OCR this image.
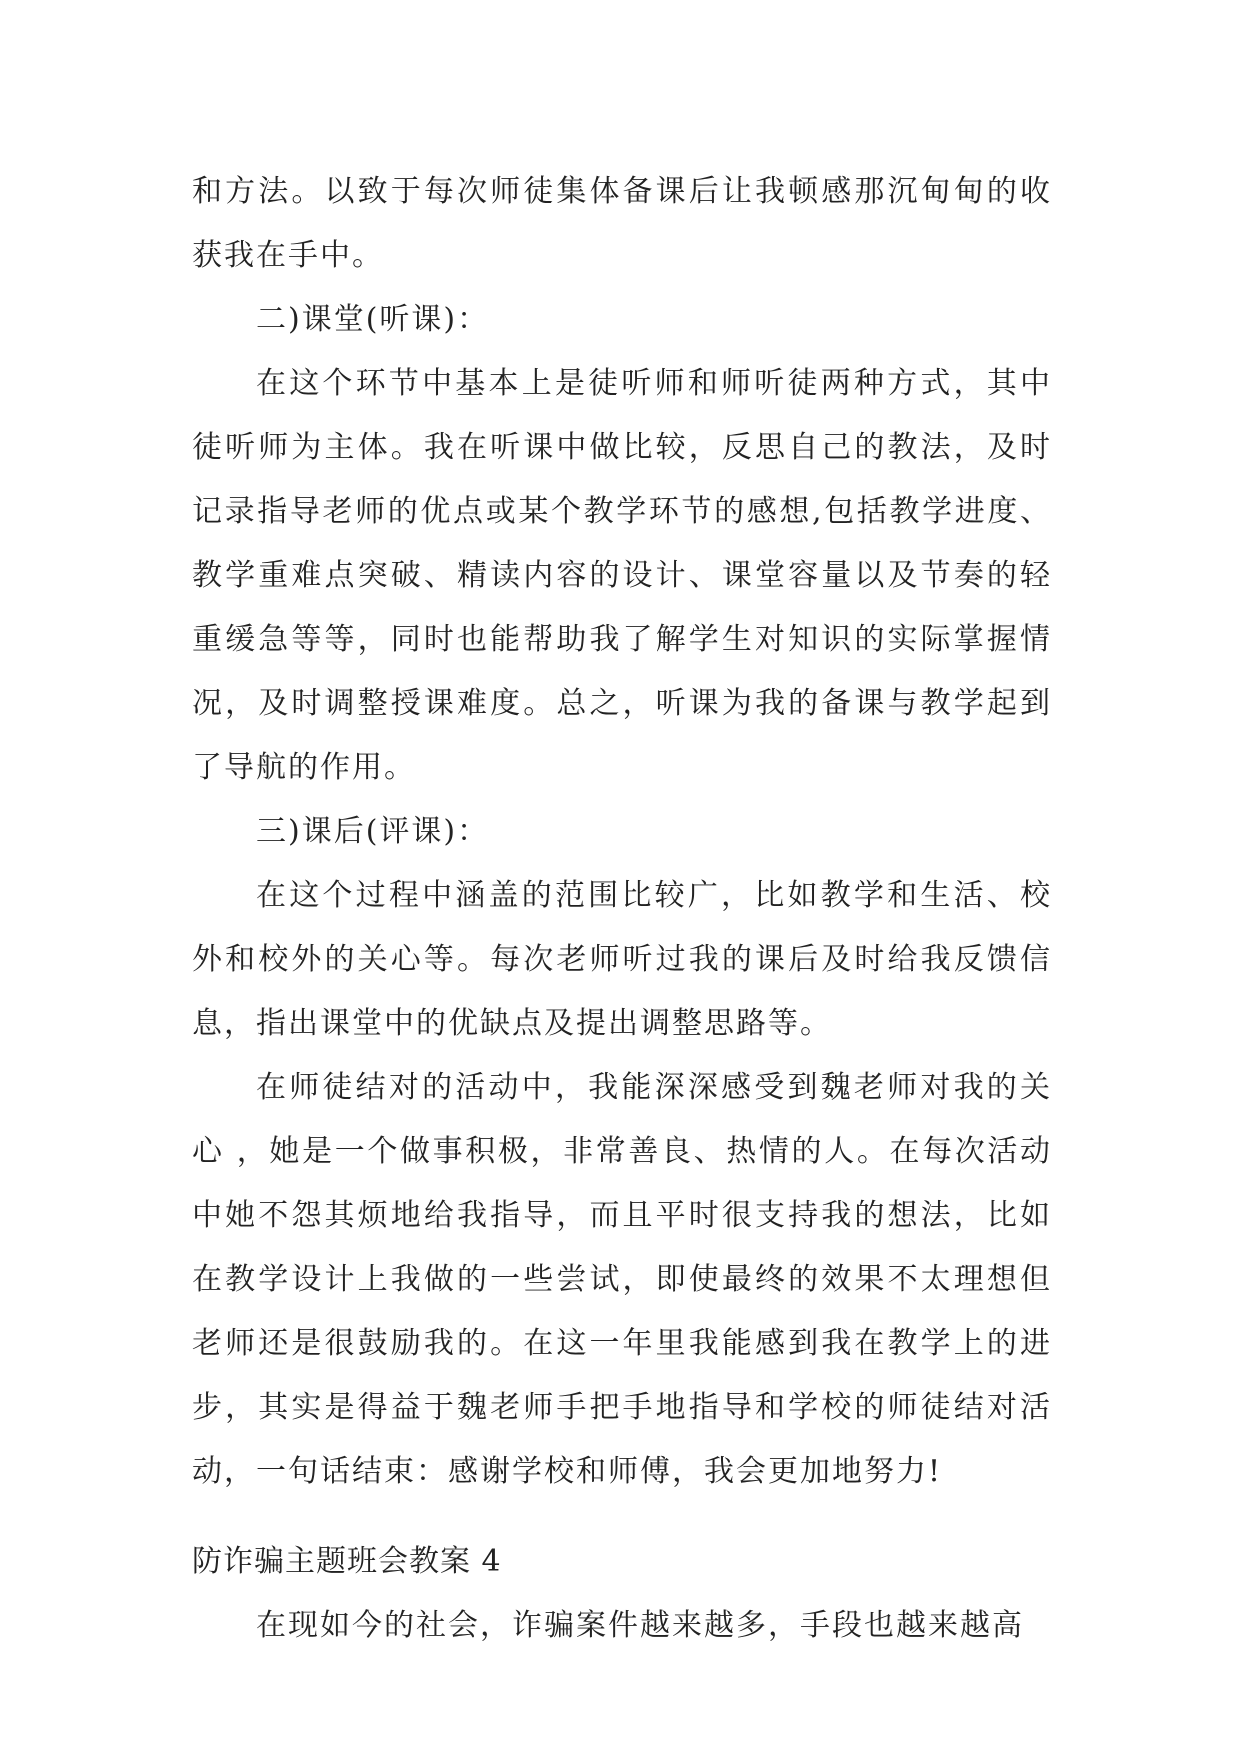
和方法。以致于每次师徒集体备课后让我顿感那沉甸甸的收获我在手中。

二)课堂(听课)：

在这个环节中基本上是徒听师和师听徒两种方式，其中徒听师为主体。我在听课中做比较，反思自己的教法，及时记录指导老师的优点或某个教学环节的感想,包括教学进度、教学重难点突破、精读内容的设计、课堂容量以及节奏的轻重缓急等等，同时也能帮助我了解学生对知识的实际掌握情况，及时调整授课难度。总之，听课为我的备课与教学起到了导航的作用。

三)课后(评课)：

在这个过程中涵盖的范围比较广，比如教学和生活、校外和校外的关心等。每次老师听过我的课后及时给我反馈信息，指出课堂中的优缺点及提出调整思路等。

在师徒结对的活动中，我能深深感受到魏老师对我的关心 ，她是一个做事积极，非常善良、热情的人。在每次活动中她不怨其烦地给我指导，而且平时很支持我的想法，比如在教学设计上我做的一些尝试，即使最终的效果不太理想但老师还是很鼓励我的。在这一年里我能感到我在教学上的进步，其实是得益于魏老师手把手地指导和学校的师徒结对活动，一句话结束：感谢学校和师傅，我会更加地努力!

防诈骗主题班会教案 4

在现如今的社会，诈骗案件越来越多，手段也越来越高
